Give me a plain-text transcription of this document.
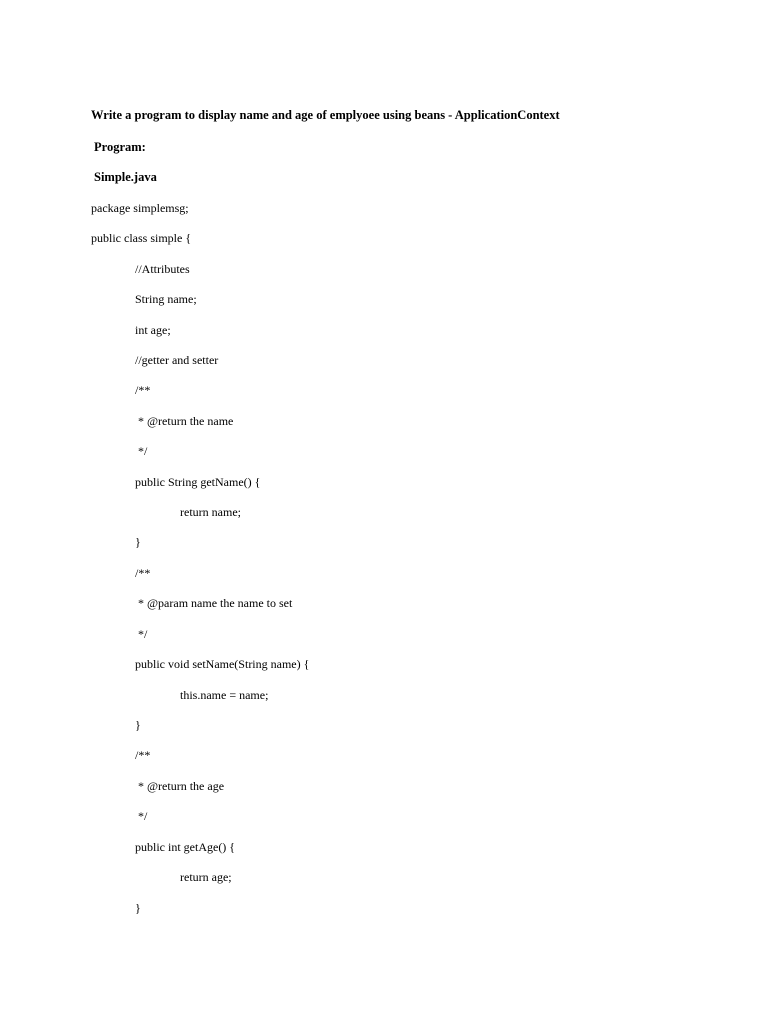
Write a program to display name and age of emplyoee using beans - ApplicationContext
Program:
Simple.java
package simplemsg;
public class simple {
//Attributes
String name;
int age;
//getter and setter
/**
* @return the name
*/
public String getName() {
return name;
}
/**
* @param name the name to set
*/
public void setName(String name) {
this.name = name;
}
/**
* @return the age
*/
public int getAge() {
return age;
}
